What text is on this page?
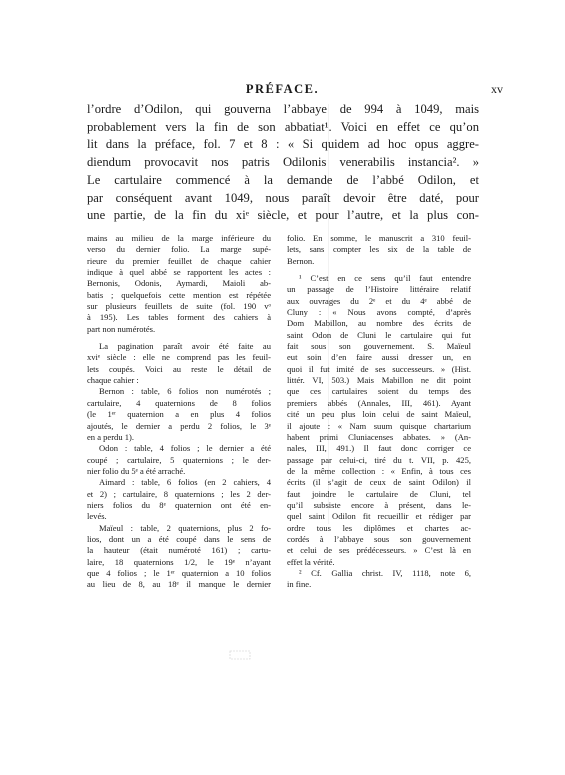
PRÉFACE.	xv
l’ordre d’Odilon, qui gouverna l’abbaye de 994 à 1049, mais
probablement vers la fin de son abbatiat¹. Voici en effet ce qu’on
lit dans la préface, fol. 7 et 8 : « Si quidem ad hoc opus aggre-
diendum provocavit nos patris Odilonis venerabilis instancia². »
Le cartulaire commencé à la demande de l’abbé Odilon, et
par conséquent avant 1049, nous paraît devoir être daté, pour
une partie, de la fin du xiᵉ siècle, et pour l’autre, et la plus con-
mains au milieu de la marge inférieure du
verso du dernier folio. La marge supé-
rieure du premier feuillet de chaque cahier
indique à quel abbé se rapportent les actes :
Bernonis, Odonis, Aymardi, Maioli ab-
batis ; quelquefois cette mention est répétée
sur plusieurs feuillets de suite (fol. 190 vᵒ
à 195). Les tables forment des cahiers à
part non numérotés.
La pagination paraît avoir été faite au
xviᵉ siècle : elle ne comprend pas les feuil-
lets coupés. Voici au reste le détail de
chaque cahier :
Bernon : table, 6 folios non numérotés ;
cartulaire, 4 quaternions de 8 folios
(le 1ᵉʳ quaternion a en plus 4 folios
ajoutés, le dernier a perdu 2 folios, le 3ᵉ
en a perdu 1).
Odon : table, 4 folios ; le dernier a été
coupé ; cartulaire, 5 quaternions ; le der-
nier folio du 5ᵉ a été arraché.
Aimard : table, 6 folios (en 2 cahiers, 4
et 2) ; cartulaire, 8 quaternions ; les 2 der-
niers folios du 8ᵉ quaternion ont été en-
levés.
Maïeul : table, 2 quaternions, plus 2 fo-
lios, dont un a été coupé dans le sens de
la hauteur (était numéroté 161) ; cartu-
laire, 18 quaternions 1/2, le 19ᵉ n’ayant
que 4 folios ; le 1ᵉʳ quaternion a 10 folios
au lieu de 8, au 18ᵉ il manque le dernier
folio. En somme, le manuscrit a 310 feuil-
lets, sans compter les six de la table de
Bernon.
¹ C’est en ce sens qu’il faut entendre
un passage de l’Histoire littéraire relatif
aux ouvrages du 2ᵉ et du 4ᵉ abbé de
Cluny : « Nous avons compté, d’après
Dom Mabillon, au nombre des écrits de
saint Odon de Cluni le cartulaire qui fut
fait sous son gouvernement. S. Maïeul
eut soin d’en faire aussi dresser un, en
quoi il fut imité de ses successeurs. » (Hist.
littér. VI, 503.) Mais Mabillon ne dit point
que ces cartulaires soient du temps des
premiers abbés (Annales, III, 461). Ayant
cité un peu plus loin celui de saint Maïeul,
il ajoute : « Nam suum quisque chartarium
habent primi Cluniacenses abbates. » (An-
nales, III, 491.) Il faut donc corriger ce
passage par celui-ci, tiré du t. VII, p. 425,
de la même collection : « Enfin, à tous ces
écrits (il s’agit de ceux de saint Odilon) il
faut joindre le cartulaire de Cluni, tel
qu’il subsiste encore à présent, dans le-
quel saint Odilon fit recueillir et rédiger par
ordre tous les diplômes et chartes ac-
cordés à l’abbaye sous son gouvernement
et celui de ses prédécesseurs. » C’est là en
effet la vérité.
² Cf. Gallia christ. IV, 1118, note 6,
in fine.
